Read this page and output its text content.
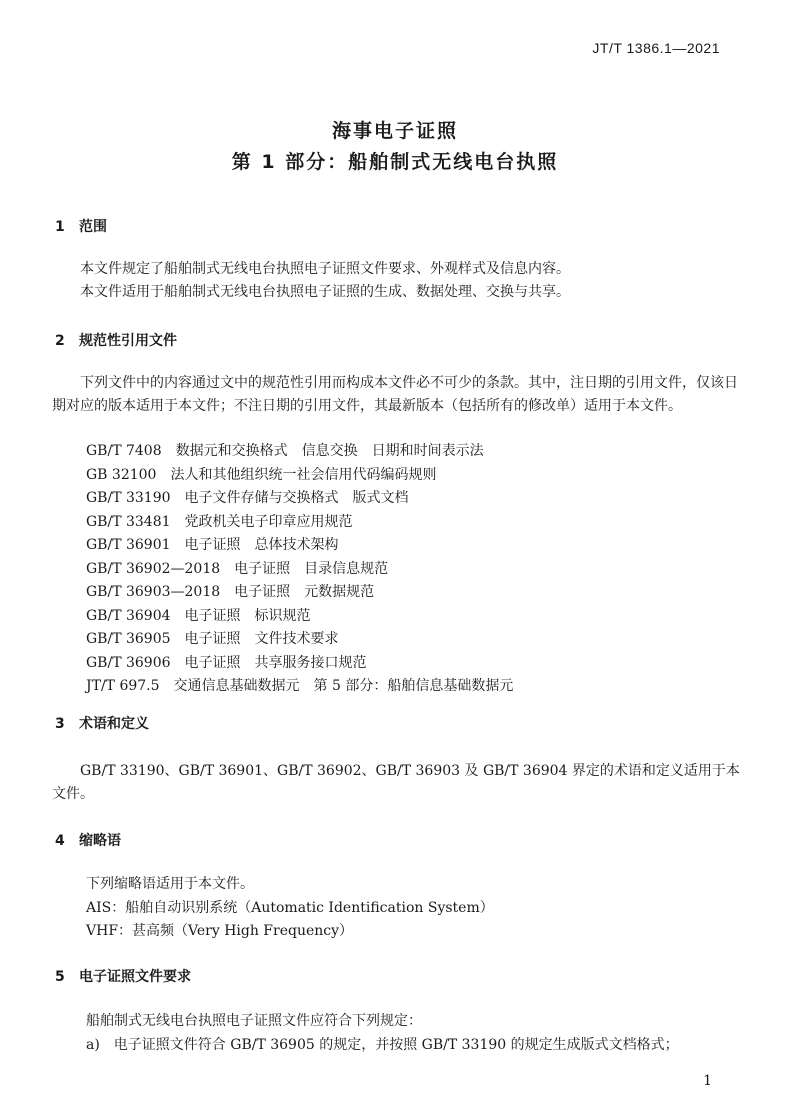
JT/T 1386.1—2021
海事电子证照
第 1 部分：船舶制式无线电台执照
1 范围

本文件规定了船舶制式无线电台执照电子证照文件要求、外观样式及信息内容。

本文件适用于船舶制式无线电台执照电子证照的生成、数据处理、交换与共享。

2 规范性引用文件

下列文件中的内容通过文中的规范性引用而构成本文件必不可少的条款。其中，注日期的引用文件，仅该日期对应的版本适用于本文件；不注日期的引用文件，其最新版本（包括所有的修改单）适用于本文件。

GB/T 7408　数据元和交换格式　信息交换　日期和时间表示法
GB 32100　法人和其他组织统一社会信用代码编码规则
GB/T 33190　电子文件存储与交换格式　版式文档
GB/T 33481　党政机关电子印章应用规范
GB/T 36901　电子证照　总体技术架构
GB/T 36902—2018　电子证照　目录信息规范
GB/T 36903—2018　电子证照　元数据规范
GB/T 36904　电子证照　标识规范
GB/T 36905　电子证照　文件技术要求
GB/T 36906　电子证照　共享服务接口规范
JT/T 697.5　交通信息基础数据元　第 5 部分：船舶信息基础数据元
3 术语和定义

GB/T 33190、GB/T 36901、GB/T 36902、GB/T 36903 及 GB/T 36904 界定的术语和定义适用于本文件。

4 缩略语
下列缩略语适用于本文件。
AIS：船舶自动识别系统（Automatic Identification System）
VHF：甚高频（Very High Frequency）
5 电子证照文件要求
船舶制式无线电台执照电子证照文件应符合下列规定：
a)　电子证照文件符合 GB/T 36905 的规定，并按照 GB/T 33190 的规定生成版式文档格式；
1
